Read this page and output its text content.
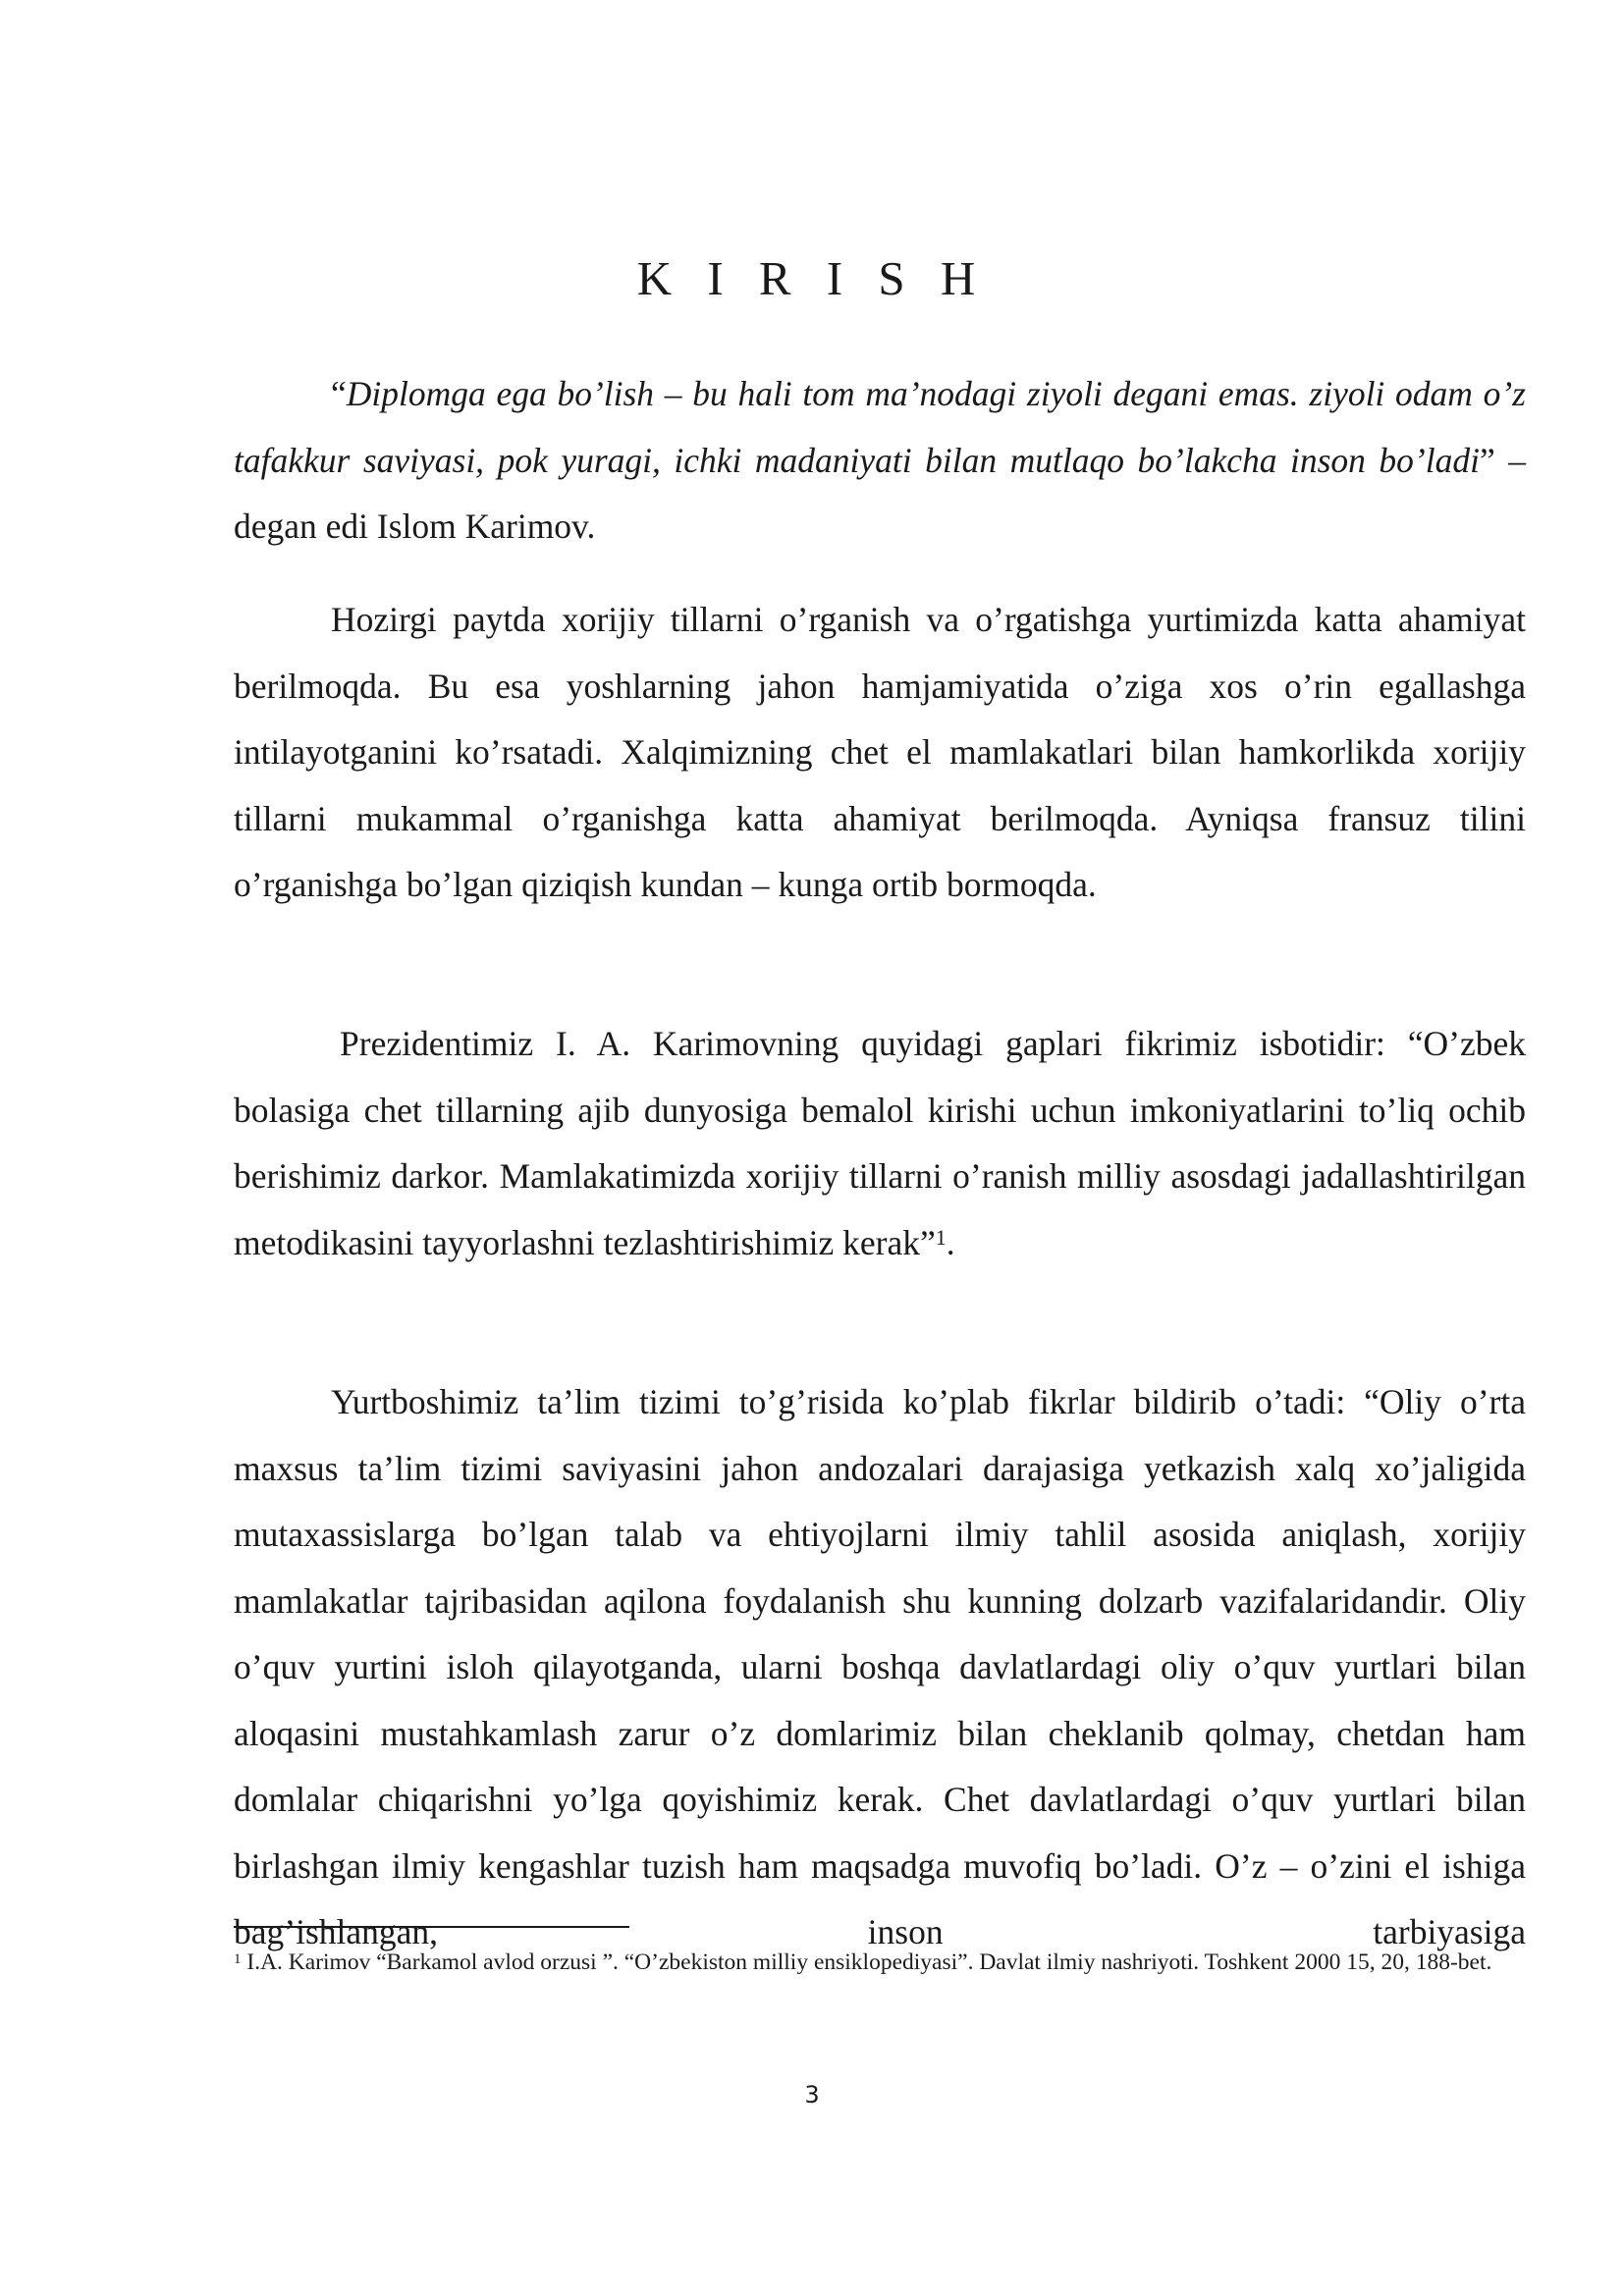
K I R I S H

“Diplomga ega bo’lish – bu hali tom ma’nodagi ziyoli degani emas. ziyoli odam o’z tafakkur saviyasi, pok yuragi, ichki madaniyati bilan mutlaqo bo’lakcha inson bo’ladi” – degan edi Islom Karimov.

Hozirgi paytda xorijiy tillarni o’rganish va o’rgatishga yurtimizda katta ahamiyat berilmoqda. Bu esa yoshlarning jahon hamjamiyatida o’ziga xos o’rin egallashga intilayotganini ko’rsatadi. Xalqimizning chet el mamlakatlari bilan hamkorlikda xorijiy tillarni mukammal o’rganishga katta ahamiyat berilmoqda. Ayniqsa fransuz tilini o’rganishga bo’lgan qiziqish kundan – kunga ortib bormoqda.

Prezidentimiz I. A. Karimovning quyidagi gaplari fikrimiz isbotidir: “O’zbek bolasiga chet tillarning ajib dunyosiga bemalol kirishi uchun imkoniyatlarini to’liq ochib berishimiz darkor. Mamlakatimizda xorijiy tillarni o’ranish milliy asosdagi jadallashtirilgan metodikasini tayyorlashni tezlashtirishimiz kerak”$^1$.

Yurtboshimiz ta’lim tizimi to’g’risida ko’plab fikrlar bildirib o’tadi: “Oliy o’rta maxsus ta’lim tizimi saviyasini jahon andozalari darajasiga yetkazish xalq xo’jaligida mutaxassislarga bo’lgan talab va ehtiyojlarni ilmiy tahlil asosida aniqlash, xorijiy mamlakatlar tajribasidan aqilona foydalanish shu kunning dolzarb vazifalaridandir. Oliy o’quv yurtini isloh qilayotganda, ularni boshqa davlatlardagi oliy o’quv yurtlari bilan aloqasini mustahkamlash zarur o’z domlarimiz bilan cheklanib qolmay, chetdan ham domlalar chiqarishni yo’lga qoyishimiz kerak. Chet davlatlardagi o’quv yurtlari bilan birlashgan ilmiy kengashlar tuzish ham maqsadga muvofiq bo’ladi. O’z – o’zini el ishiga bag’ishlangan, inson tarbiyasiga

$^1$ I.A. Karimov “Barkamol avlod orzusi ”. “O’zbekiston milliy ensiklopediyasi”. Davlat ilmiy nashriyoti. Toshkent 2000 15, 20, 188-bet.
3
